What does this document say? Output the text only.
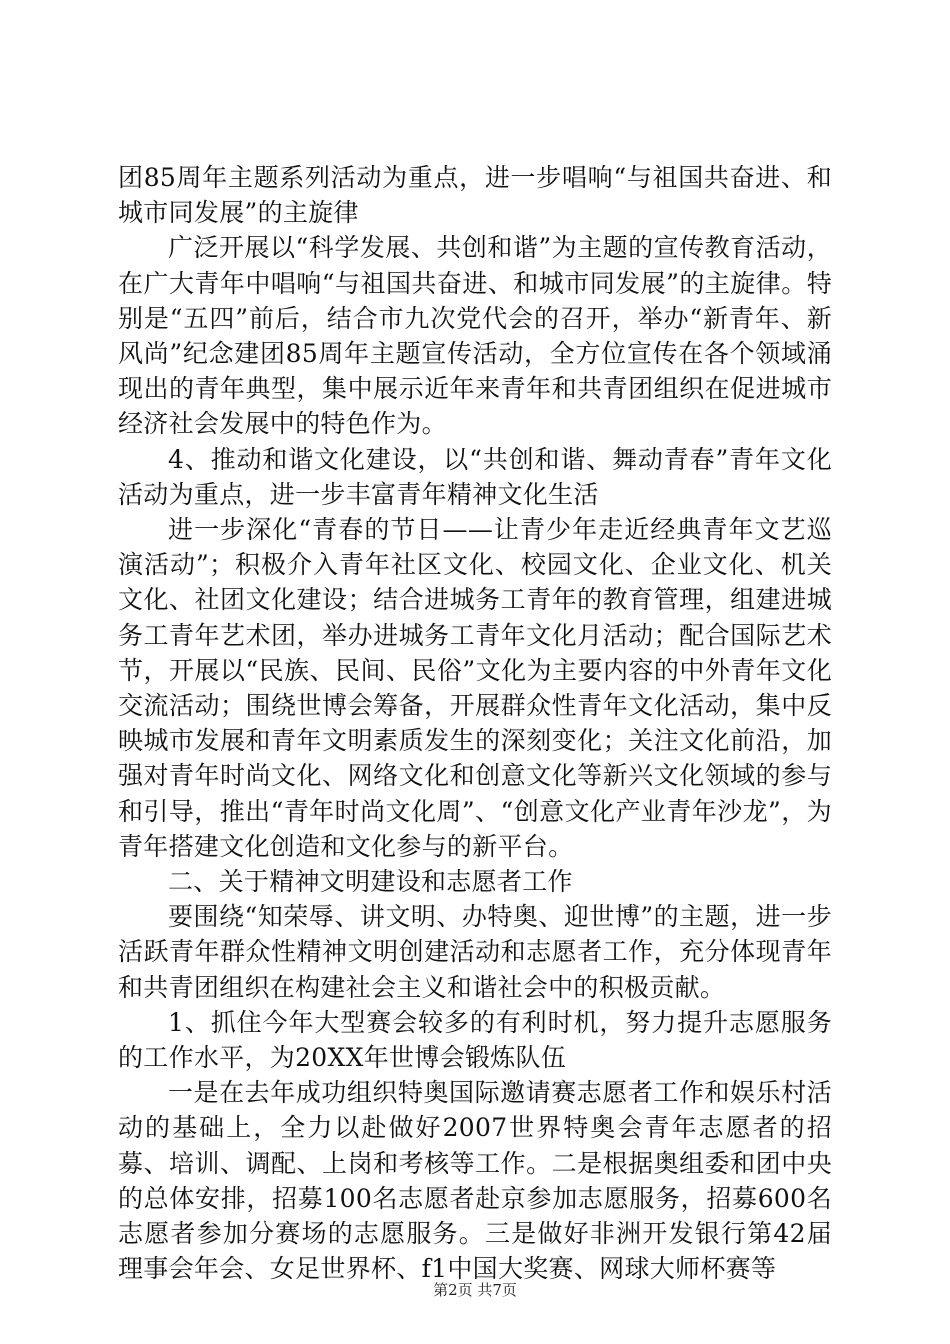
团85周年主题系列活动为重点，进一步唱响“与祖国共奋进、和城市同发展”的主旋律

广泛开展以“科学发展、共创和谐”为主题的宣传教育活动，在广大青年中唱响“与祖国共奋进、和城市同发展”的主旋律。特别是“五四”前后，结合市九次党代会的召开，举办“新青年、新风尚”纪念建团85周年主题宣传活动，全方位宣传在各个领域涌现出的青年典型，集中展示近年来青年和共青团组织在促进城市经济社会发展中的特色作为。

4、推动和谐文化建设，以“共创和谐、舞动青春”青年文化活动为重点，进一步丰富青年精神文化生活

进一步深化“青春的节日——让青少年走近经典青年文艺巡演活动”；积极介入青年社区文化、校园文化、企业文化、机关文化、社团文化建设；结合进城务工青年的教育管理，组建进城务工青年艺术团，举办进城务工青年文化月活动；配合国际艺术节，开展以“民族、民间、民俗”文化为主要内容的中外青年文化交流活动；围绕世博会筹备，开展群众性青年文化活动，集中反映城市发展和青年文明素质发生的深刻变化；关注文化前沿，加强对青年时尚文化、网络文化和创意文化等新兴文化领域的参与和引导，推出“青年时尚文化周”、“创意文化产业青年沙龙”，为青年搭建文化创造和文化参与的新平台。

二、关于精神文明建设和志愿者工作

要围绕“知荣辱、讲文明、办特奥、迎世博”的主题，进一步活跃青年群众性精神文明创建活动和志愿者工作，充分体现青年和共青团组织在构建社会主义和谐社会中的积极贡献。

1、抓住今年大型赛会较多的有利时机，努力提升志愿服务的工作水平，为20XX年世博会锻炼队伍

一是在去年成功组织特奥国际邀请赛志愿者工作和娱乐村活动的基础上，全力以赴做好2007世界特奥会青年志愿者的招募、培训、调配、上岗和考核等工作。二是根据奥组委和团中央的总体安排，招募100名志愿者赴京参加志愿服务，招募600名志愿者参加分赛场的志愿服务。三是做好非洲开发银行第42届理事会年会、女足世界杯、f1中国大奖赛、网球大师杯赛等

第2页 共7页
